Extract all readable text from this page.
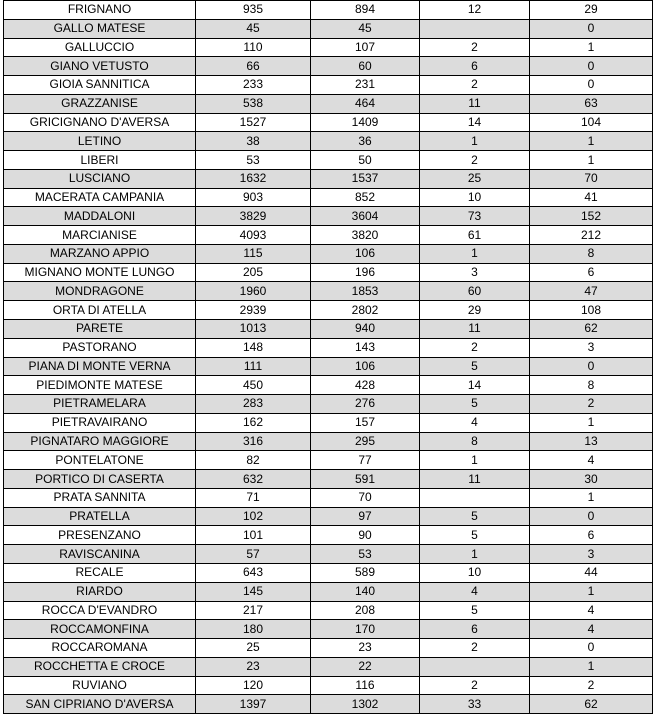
FRIGNANO	935	894	12	29
GALLO MATESE	45	45		0
GALLUCCIO	110	107	2	1
GIANO VETUSTO	66	60	6	0
GIOIA SANNITICA	233	231	2	0
GRAZZANISE	538	464	11	63
GRICIGNANO D'AVERSA	1527	1409	14	104
LETINO	38	36	1	1
LIBERI	53	50	2	1
LUSCIANO	1632	1537	25	70
MACERATA CAMPANIA	903	852	10	41
MADDALONI	3829	3604	73	152
MARCIANISE	4093	3820	61	212
MARZANO APPIO	115	106	1	8
MIGNANO MONTE LUNGO	205	196	3	6
MONDRAGONE	1960	1853	60	47
ORTA DI ATELLA	2939	2802	29	108
PARETE	1013	940	11	62
PASTORANO	148	143	2	3
PIANA DI MONTE VERNA	111	106	5	0
PIEDIMONTE MATESE	450	428	14	8
PIETRAMELARA	283	276	5	2
PIETRAVAIRANO	162	157	4	1
PIGNATARO MAGGIORE	316	295	8	13
PONTELATONE	82	77	1	4
PORTICO DI CASERTA	632	591	11	30
PRATA SANNITA	71	70		1
PRATELLA	102	97	5	0
PRESENZANO	101	90	5	6
RAVISCANINA	57	53	1	3
RECALE	643	589	10	44
RIARDO	145	140	4	1
ROCCA D'EVANDRO	217	208	5	4
ROCCAMONFINA	180	170	6	4
ROCCAROMANA	25	23	2	0
ROCCHETTA E CROCE	23	22		1
RUVIANO	120	116	2	2
SAN CIPRIANO D'AVERSA	1397	1302	33	62
